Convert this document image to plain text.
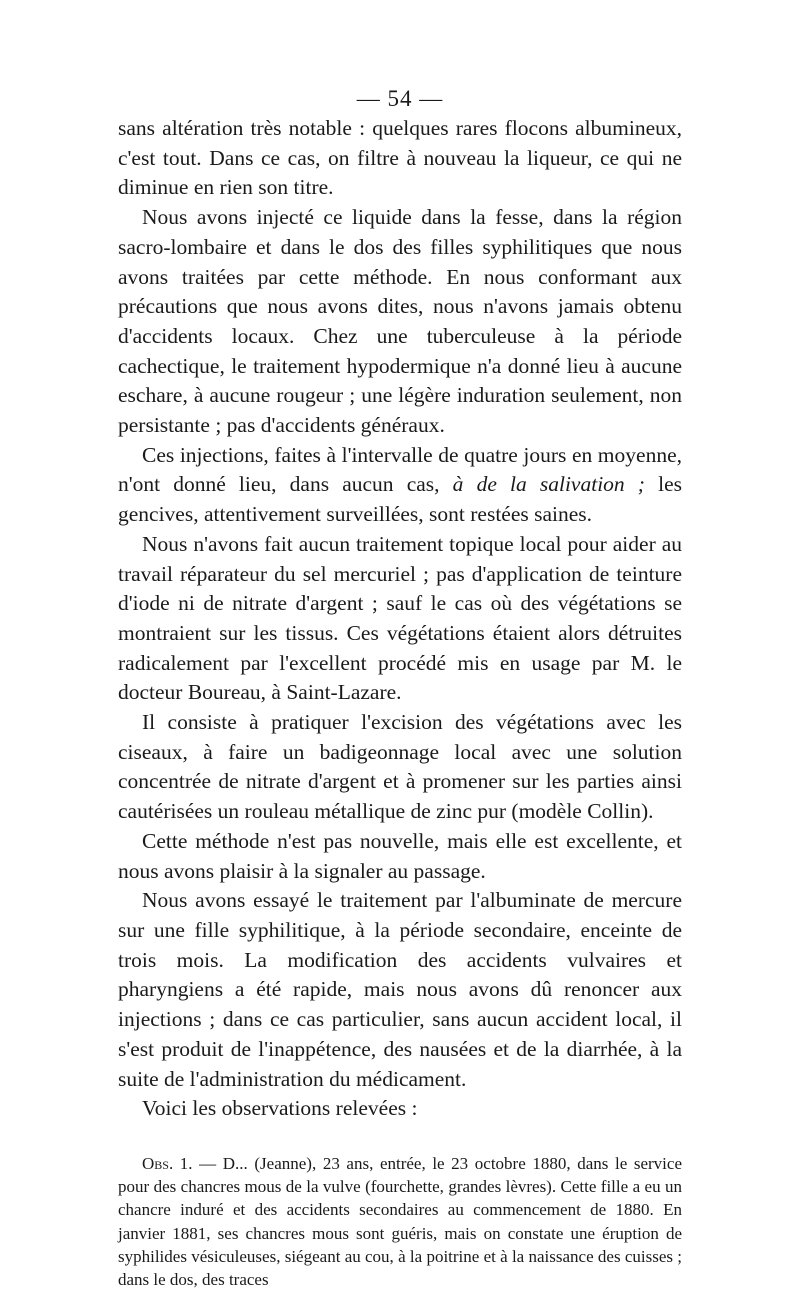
— 54 —

sans altération très notable : quelques rares flocons albumineux, c'est tout. Dans ce cas, on filtre à nouveau la liqueur, ce qui ne diminue en rien son titre.

Nous avons injecté ce liquide dans la fesse, dans la région sacro-lombaire et dans le dos des filles syphilitiques que nous avons traitées par cette méthode. En nous conformant aux précautions que nous avons dites, nous n'avons jamais obtenu d'accidents locaux. Chez une tuberculeuse à la période cachectique, le traitement hypodermique n'a donné lieu à aucune eschare, à aucune rougeur ; une légère induration seulement, non persistante ; pas d'accidents généraux.

Ces injections, faites à l'intervalle de quatre jours en moyenne, n'ont donné lieu, dans aucun cas, à de la salivation ; les gencives, attentivement surveillées, sont restées saines.

Nous n'avons fait aucun traitement topique local pour aider au travail réparateur du sel mercuriel ; pas d'application de teinture d'iode ni de nitrate d'argent ; sauf le cas où des végétations se montraient sur les tissus. Ces végétations étaient alors détruites radicalement par l'excellent procédé mis en usage par M. le docteur Boureau, à Saint-Lazare.

Il consiste à pratiquer l'excision des végétations avec les ciseaux, à faire un badigeonnage local avec une solution concentrée de nitrate d'argent et à promener sur les parties ainsi cautérisées un rouleau métallique de zinc pur (modèle Collin).

Cette méthode n'est pas nouvelle, mais elle est excellente, et nous avons plaisir à la signaler au passage.

Nous avons essayé le traitement par l'albuminate de mercure sur une fille syphilitique, à la période secondaire, enceinte de trois mois. La modification des accidents vulvaires et pharyngiens a été rapide, mais nous avons dû renoncer aux injections ; dans ce cas particulier, sans aucun accident local, il s'est produit de l'inappétence, des nausées et de la diarrhée, à la suite de l'administration du médicament.

Voici les observations relevées :

Obs. 1. — D... (Jeanne), 23 ans, entrée, le 23 octobre 1880, dans le service pour des chancres mous de la vulve (fourchette, grandes lèvres). Cette fille a eu un chancre induré et des accidents secondaires au commencement de 1880. En janvier 1881, ses chancres mous sont guéris, mais on constate une éruption de syphilides vésiculeuses, siégeant au cou, à la poitrine et à la naissance des cuisses ; dans le dos, des traces
